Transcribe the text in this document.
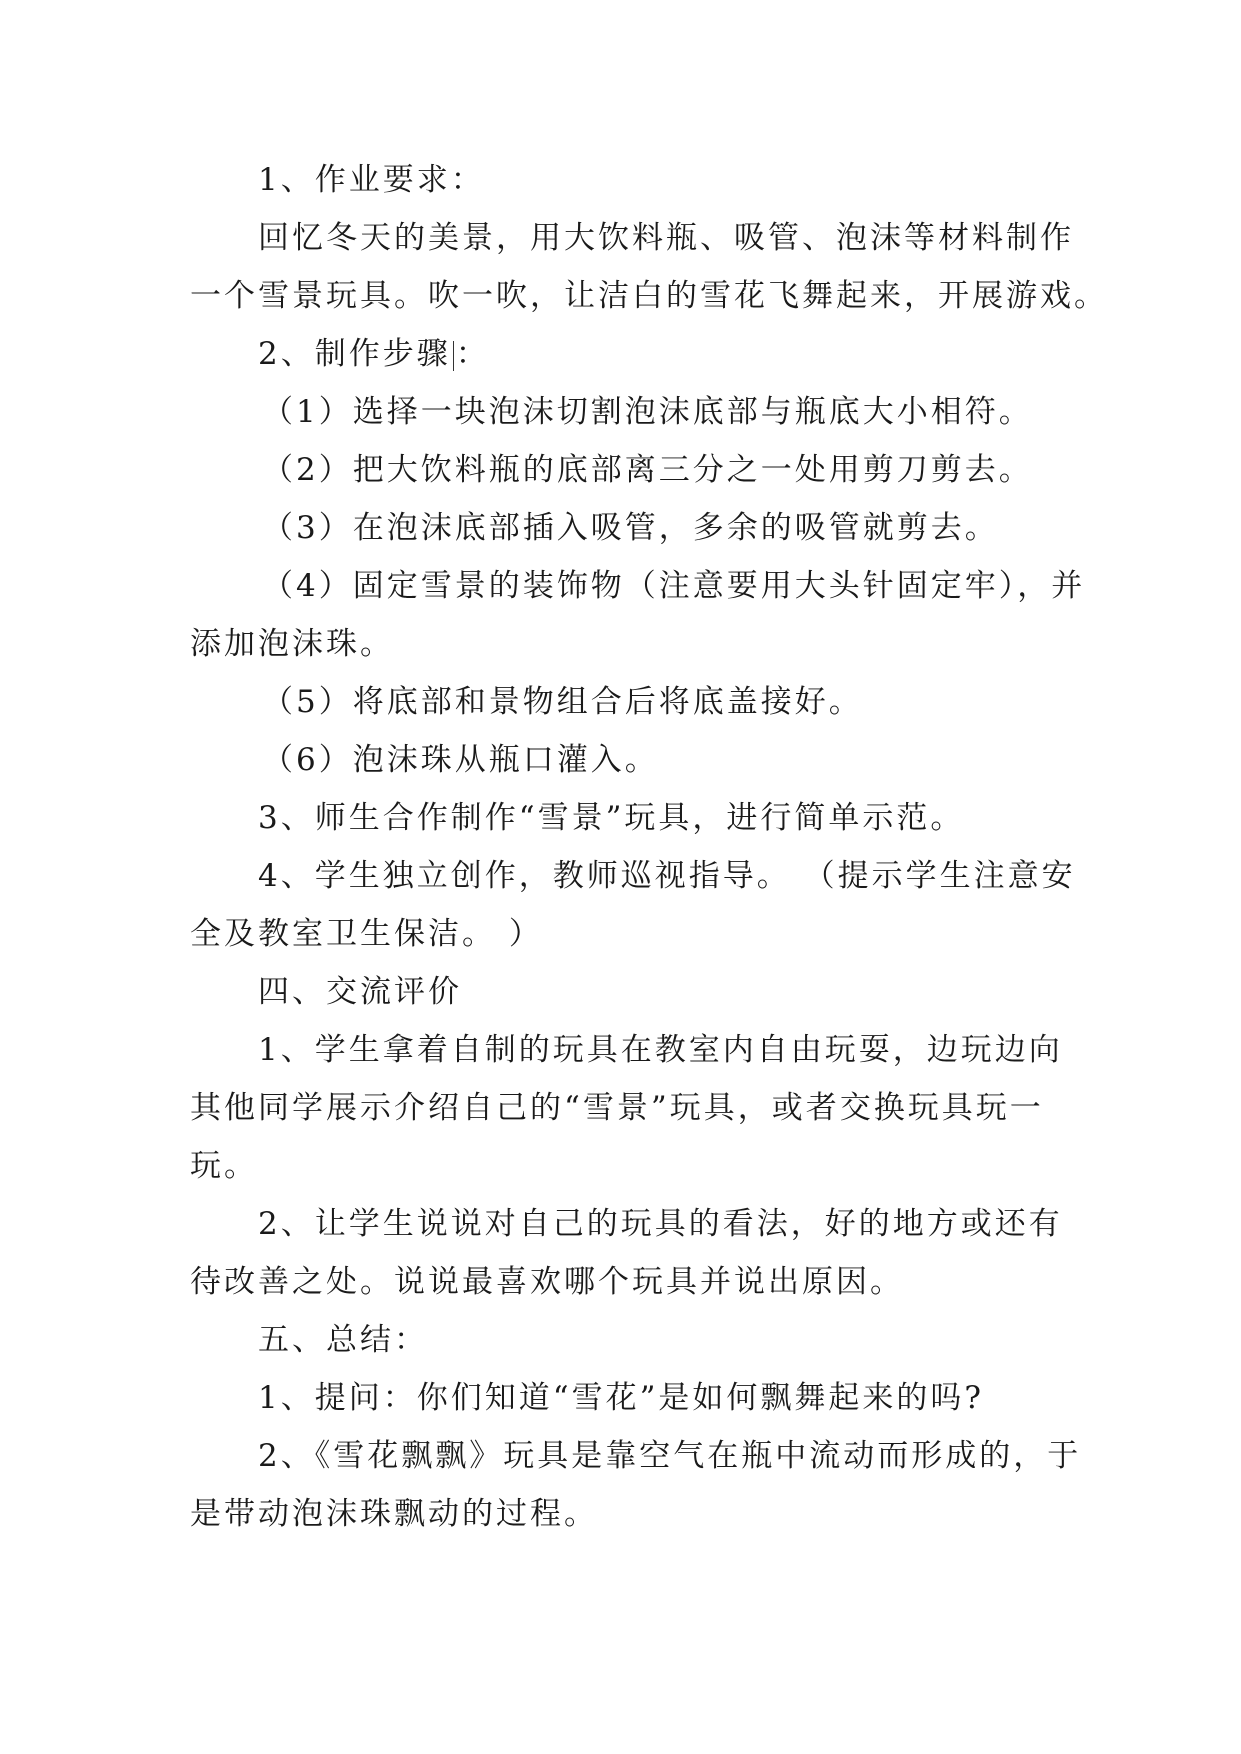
1、作业要求：
回忆冬天的美景，用大饮料瓶、吸管、泡沫等材料制作
一个雪景玩具。吹一吹，让洁白的雪花飞舞起来，开展游戏。
2、制作步骤 ：
（1）选择一块泡沫切割泡沫底部与瓶底大小相符。
（2）把大饮料瓶的底部离三分之一处用剪刀剪去。
（3）在泡沫底部插入吸管，多余的吸管就剪去。
（4）固定雪景的装饰物（注意要用大头针固定牢），并
添加泡沫珠。
（5）将底部和景物组合后将底盖接好。
（6）泡沫珠从瓶口灌入。
3、师生合作制作“雪景”玩具，进行简单示范。
4、学生独立创作，教师巡视指导。 （提示学生注意安
全及教室卫生保洁。 ）
四、交流评价
1、学生拿着自制的玩具在教室内自由玩耍，边玩边向
其他同学展示介绍自己的“雪景”玩具，或者交换玩具玩一
玩。
2、让学生说说对自己的玩具的看法，好的地方或还有
待改善之处。说说最喜欢哪个玩具并说出原因。
五、总结：
1、提问：你们知道“雪花”是如何飘舞起来的吗?
2、《雪花飘飘》玩具是靠空气在瓶中流动而形成的，于
是带动泡沫珠飘动的过程。
